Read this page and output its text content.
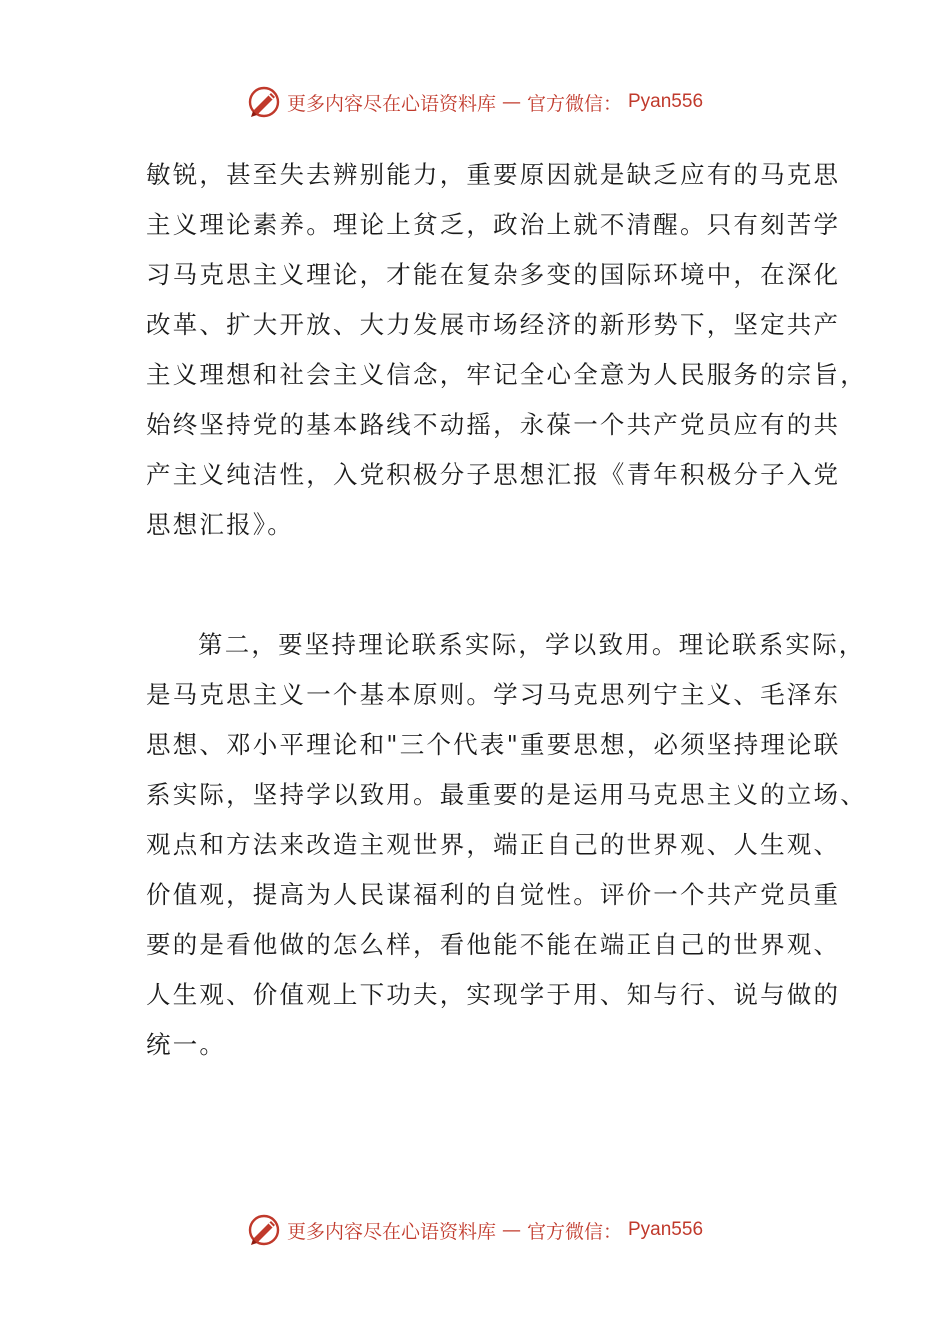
更多内容尽在心语资料库 — 官方微信： Pyan556
敏锐，甚至失去辨别能力，重要原因就是缺乏应有的马克思
主义理论素养。理论上贫乏，政治上就不清醒。只有刻苦学
习马克思主义理论，才能在复杂多变的国际环境中，在深化
改革、扩大开放、大力发展市场经济的新形势下，坚定共产
主义理想和社会主义信念，牢记全心全意为人民服务的宗旨，
始终坚持党的基本路线不动摇，永葆一个共产党员应有的共
产主义纯洁性，入党积极分子思想汇报《青年积极分子入党
思想汇报》。
第二，要坚持理论联系实际，学以致用。理论联系实际，
是马克思主义一个基本原则。学习马克思列宁主义、毛泽东
思想、邓小平理论和"三个代表"重要思想，必须坚持理论联
系实际，坚持学以致用。最重要的是运用马克思主义的立场、
观点和方法来改造主观世界，端正自己的世界观、人生观、
价值观，提高为人民谋福利的自觉性。评价一个共产党员重
要的是看他做的怎么样，看他能不能在端正自己的世界观、
人生观、价值观上下功夫，实现学于用、知与行、说与做的
统一。
更多内容尽在心语资料库 — 官方微信： Pyan556
